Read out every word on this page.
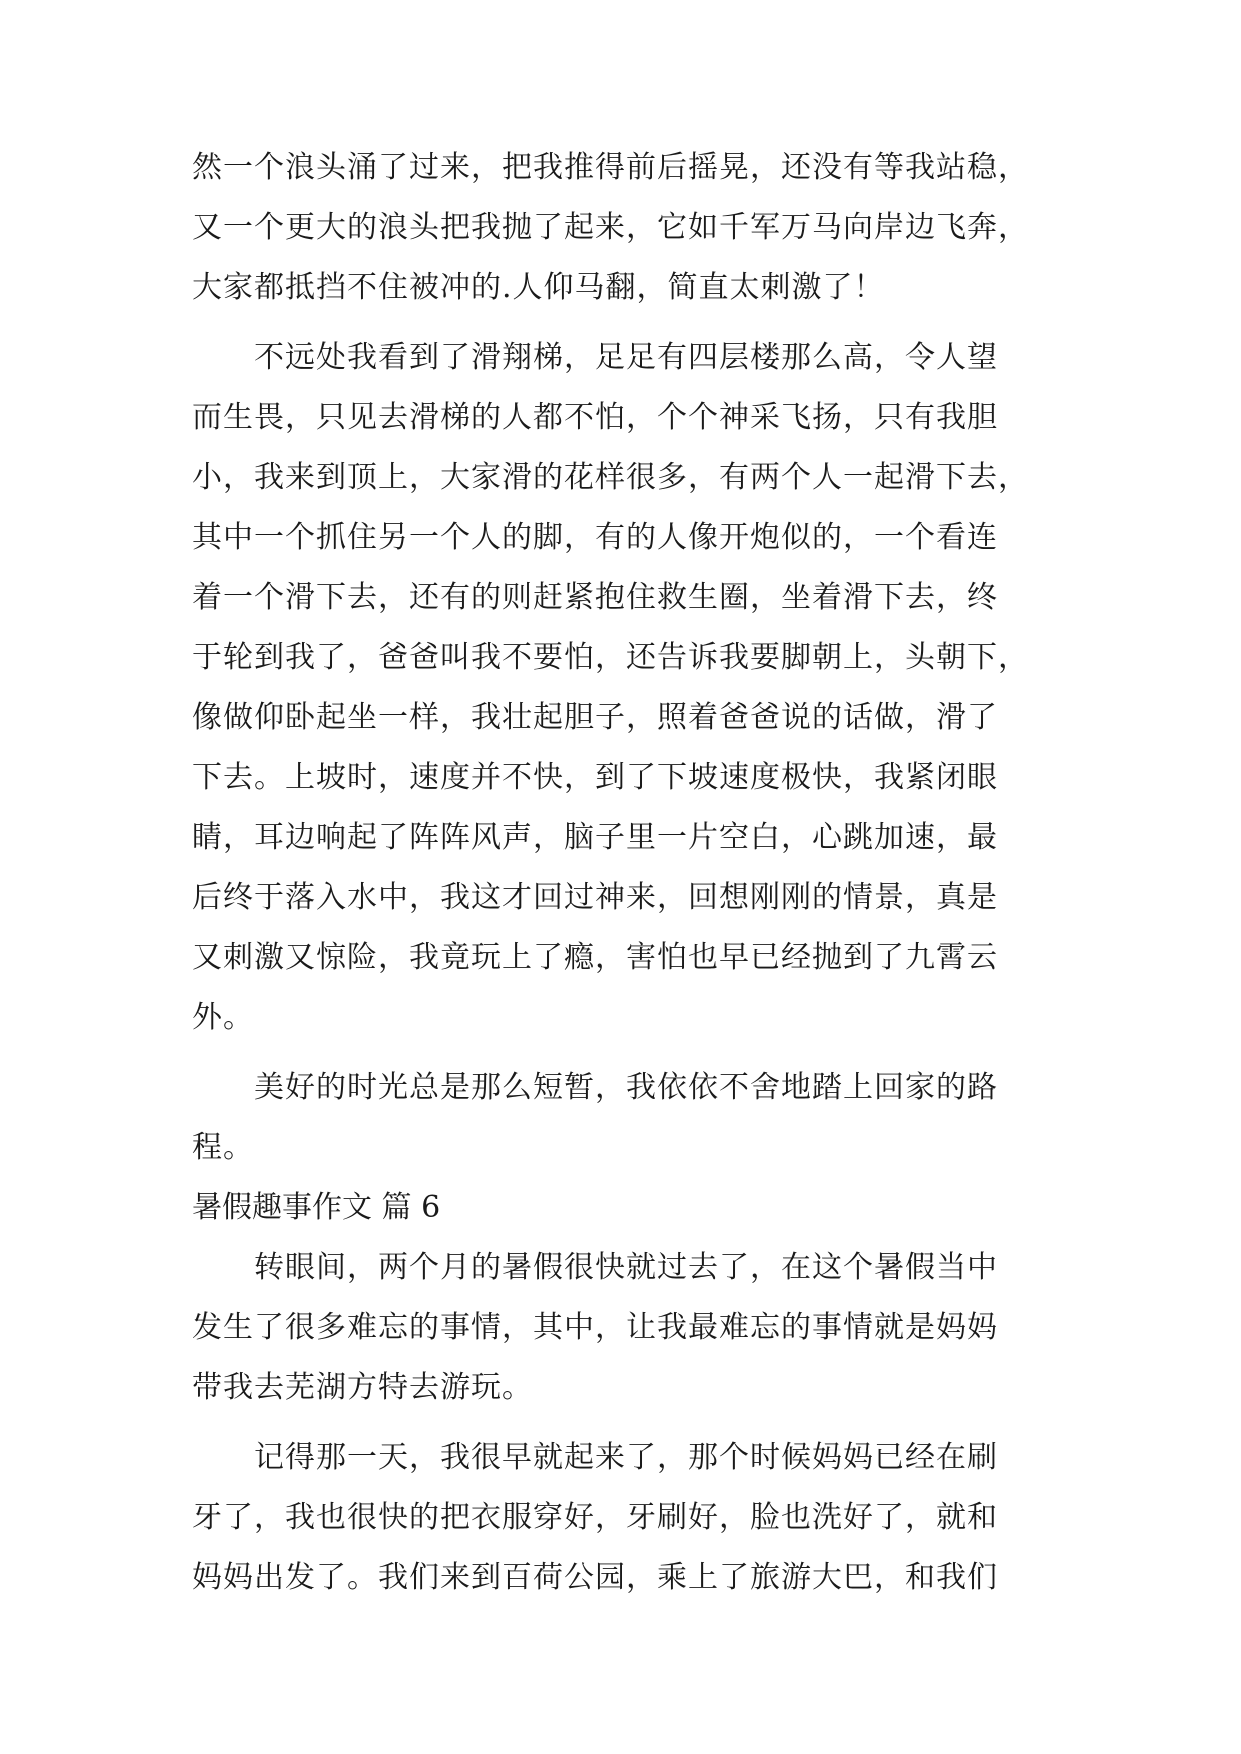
然一个浪头涌了过来，把我推得前后摇晃，还没有等我站稳，
又一个更大的浪头把我抛了起来，它如千军万马向岸边飞奔，
大家都抵挡不住被冲的.人仰马翻，简直太刺激了！
不远处我看到了滑翔梯，足足有四层楼那么高，令人望
而生畏，只见去滑梯的人都不怕，个个神采飞扬，只有我胆
小，我来到顶上，大家滑的花样很多，有两个人一起滑下去，
其中一个抓住另一个人的脚，有的人像开炮似的，一个看连
着一个滑下去，还有的则赶紧抱住救生圈，坐着滑下去，终
于轮到我了，爸爸叫我不要怕，还告诉我要脚朝上，头朝下，
像做仰卧起坐一样，我壮起胆子，照着爸爸说的话做，滑了
下去。上坡时，速度并不快，到了下坡速度极快，我紧闭眼
睛，耳边响起了阵阵风声，脑子里一片空白，心跳加速，最
后终于落入水中，我这才回过神来，回想刚刚的情景，真是
又刺激又惊险，我竟玩上了瘾，害怕也早已经抛到了九霄云
外。
美好的时光总是那么短暂，我依依不舍地踏上回家的路
程。
暑假趣事作文 篇 6
转眼间，两个月的暑假很快就过去了，在这个暑假当中
发生了很多难忘的事情，其中，让我最难忘的事情就是妈妈
带我去芜湖方特去游玩。
记得那一天，我很早就起来了，那个时候妈妈已经在刷
牙了，我也很快的把衣服穿好，牙刷好，脸也洗好了，就和
妈妈出发了。我们来到百荷公园，乘上了旅游大巴，和我们
